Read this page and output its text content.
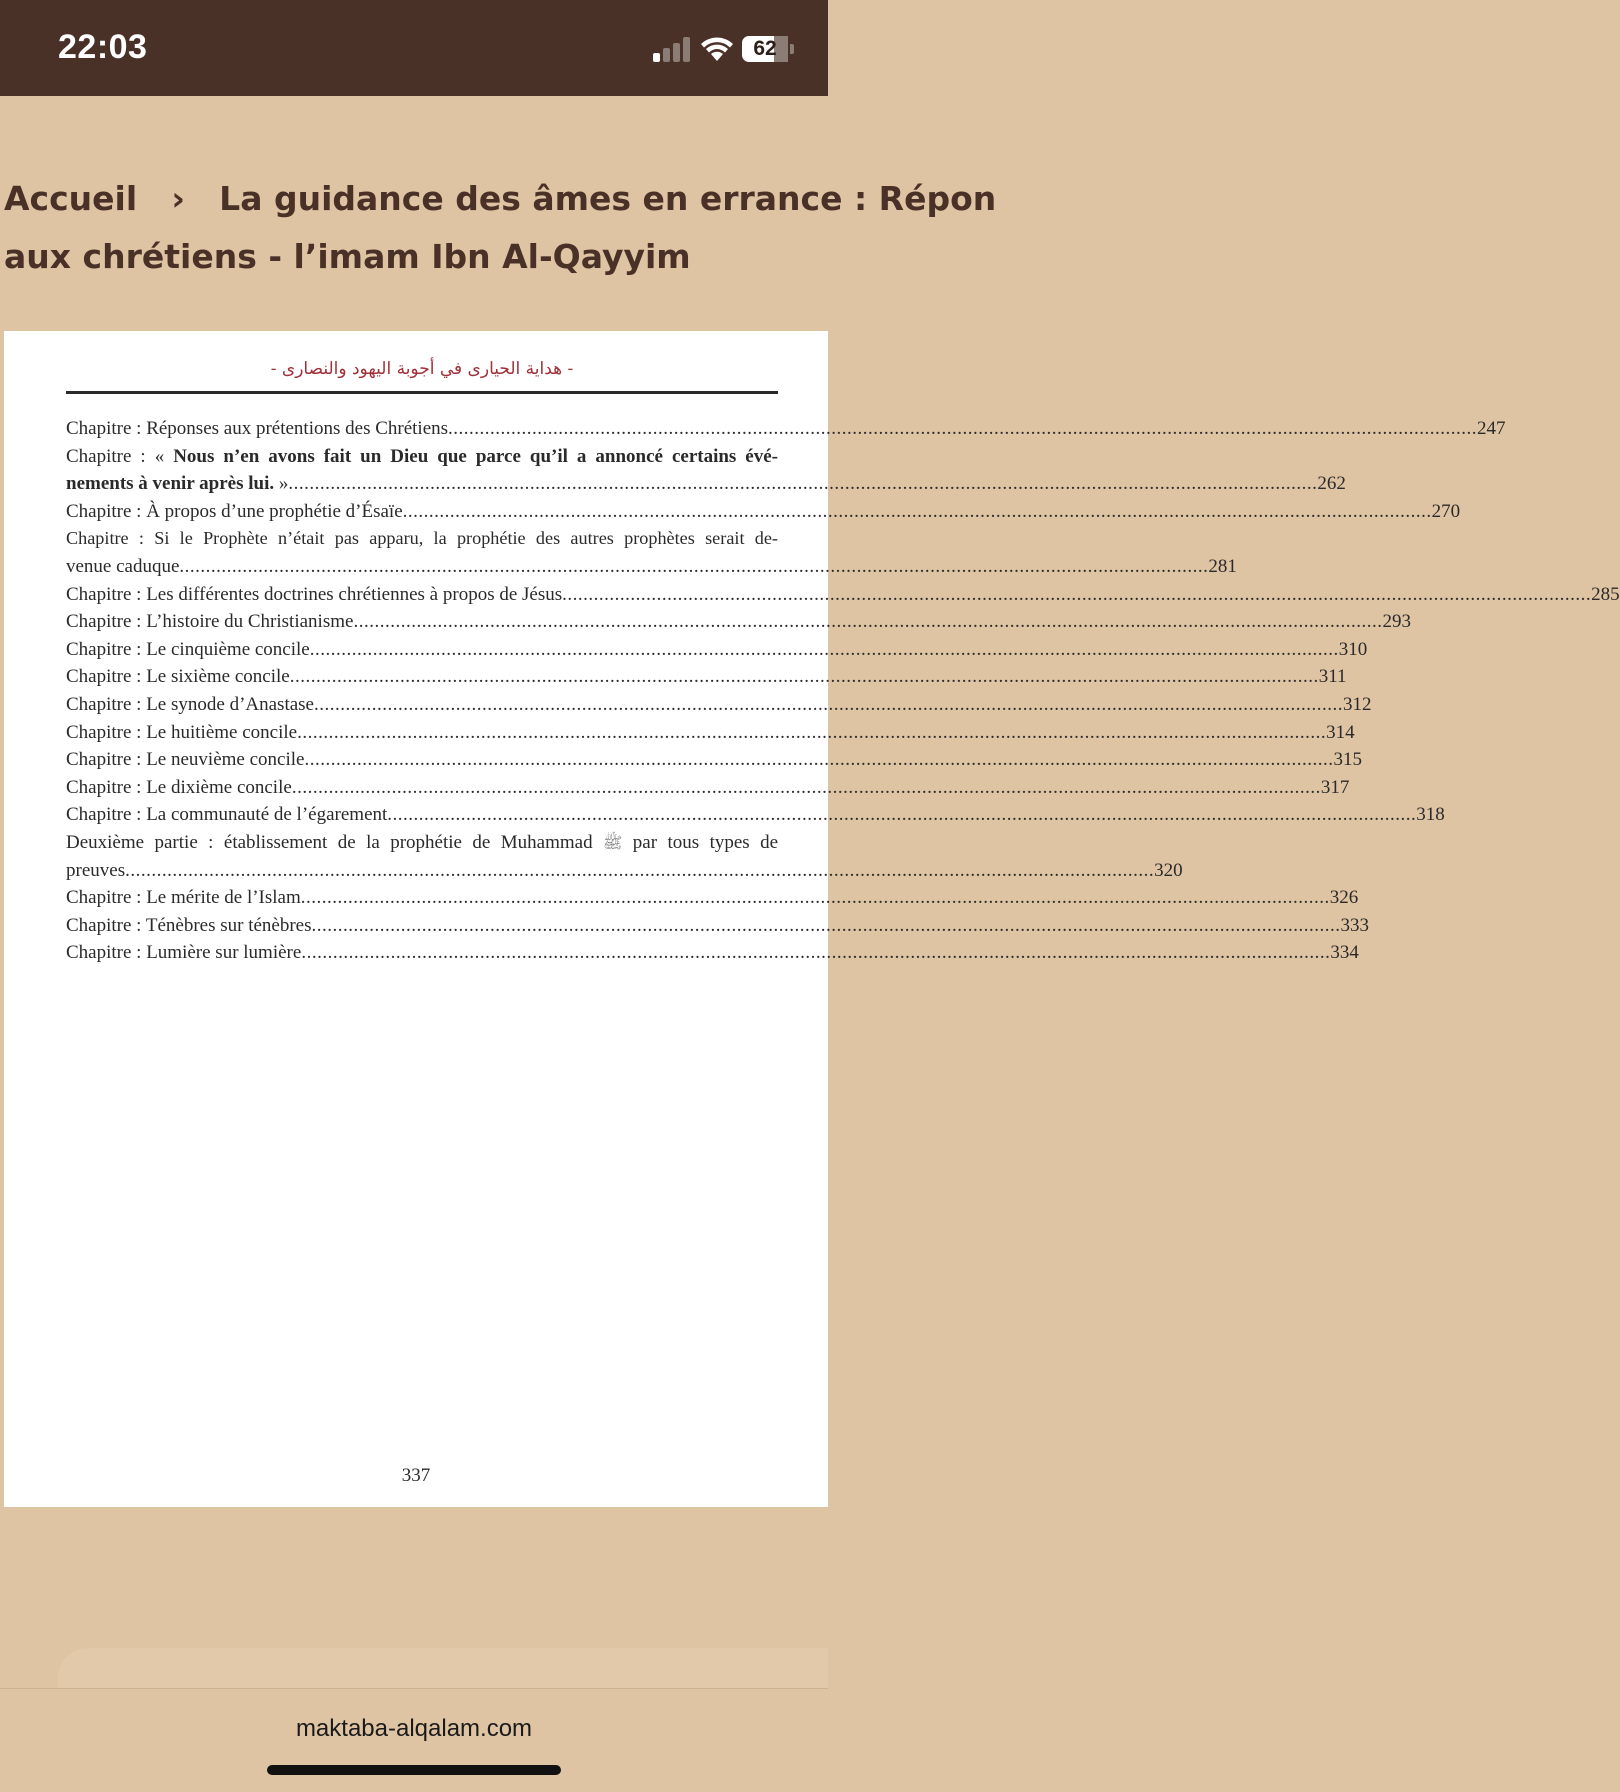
22:03	62
Accueil › La guidance des âmes en errance : Répon
aux chrétiens - l’imam Ibn Al-Qayyim
- هداية الحيارى في أجوبة اليهود والنصارى -
Chapitre : Réponses aux prétentions des Chrétiens .....	247
Chapitre : « Nous n’en avons fait un Dieu que parce qu’il a annoncé certains évé-
nements à venir après lui. » .....	262
Chapitre : À propos d’une prophétie d’Ésaïe .....	270
Chapitre : Si le Prophète n’était pas apparu, la prophétie des autres prophètes serait de-
venue caduque .....	281
Chapitre : Les différentes doctrines chrétiennes à propos de Jésus .....	285
Chapitre : L’histoire du Christianisme .....	293
Chapitre : Le cinquième concile .....	310
Chapitre : Le sixième concile .....	311
Chapitre : Le synode d’Anastase .....	312
Chapitre : Le huitième concile .....	314
Chapitre : Le neuvième concile .....	315
Chapitre : Le dixième concile .....	317
Chapitre : La communauté de l’égarement .....	318
Deuxième partie : établissement de la prophétie de Muhammad ﷺ par tous types de
preuves .....	320
Chapitre : Le mérite de l’Islam .....	326
Chapitre : Ténèbres sur ténèbres .....	333
Chapitre : Lumière sur lumière .....	334
337
maktaba-alqalam.com
